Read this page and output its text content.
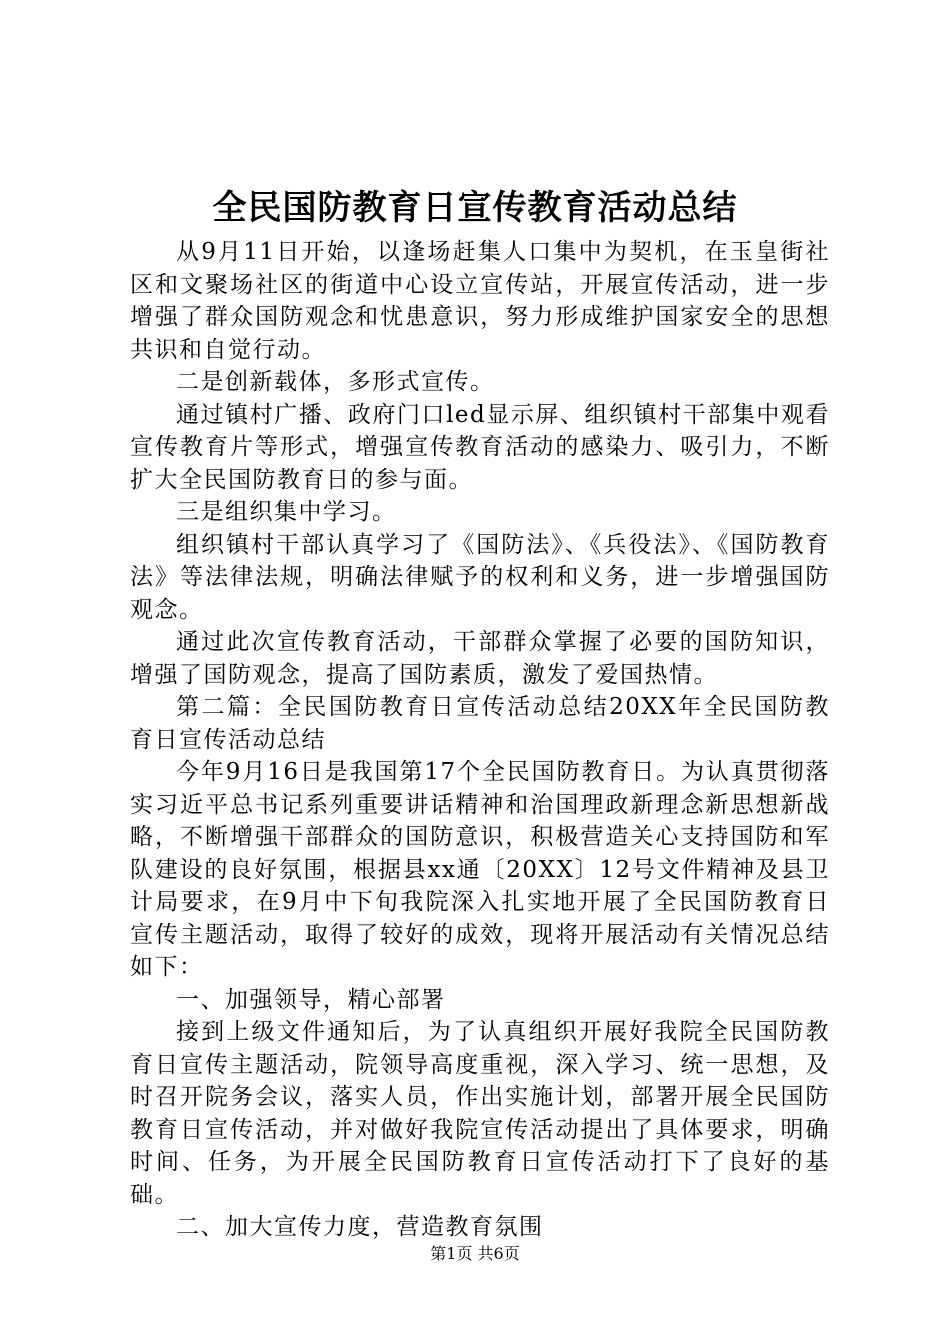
全民国防教育日宣传教育活动总结

从9月11日开始，以逢场赶集人口集中为契机，在玉皇街社区和文聚场社区的街道中心设立宣传站，开展宣传活动，进一步增强了群众国防观念和忧患意识，努力形成维护国家安全的思想共识和自觉行动。

二是创新载体，多形式宣传。

通过镇村广播、政府门口led显示屏、组织镇村干部集中观看宣传教育片等形式，增强宣传教育活动的感染力、吸引力，不断扩大全民国防教育日的参与面。

三是组织集中学习。

组织镇村干部认真学习了《国防法》、《兵役法》、《国防教育法》等法律法规，明确法律赋予的权利和义务，进一步增强国防观念。

通过此次宣传教育活动，干部群众掌握了必要的国防知识，增强了国防观念，提高了国防素质，激发了爱国热情。

第二篇：全民国防教育日宣传活动总结20XX年全民国防教育日宣传活动总结

今年9月16日是我国第17个全民国防教育日。为认真贯彻落实习近平总书记系列重要讲话精神和治国理政新理念新思想新战略，不断增强干部群众的国防意识，积极营造关心支持国防和军队建设的良好氛围，根据县xx通〔20XX〕12号文件精神及县卫计局要求，在9月中下旬我院深入扎实地开展了全民国防教育日宣传主题活动，取得了较好的成效，现将开展活动有关情况总结如下：

一、加强领导，精心部署

接到上级文件通知后，为了认真组织开展好我院全民国防教育日宣传主题活动，院领导高度重视，深入学习、统一思想，及时召开院务会议，落实人员，作出实施计划，部署开展全民国防教育日宣传活动，并对做好我院宣传活动提出了具体要求，明确时间、任务，为开展全民国防教育日宣传活动打下了良好的基础。

二、加大宣传力度，营造教育氛围

第1页 共6页
